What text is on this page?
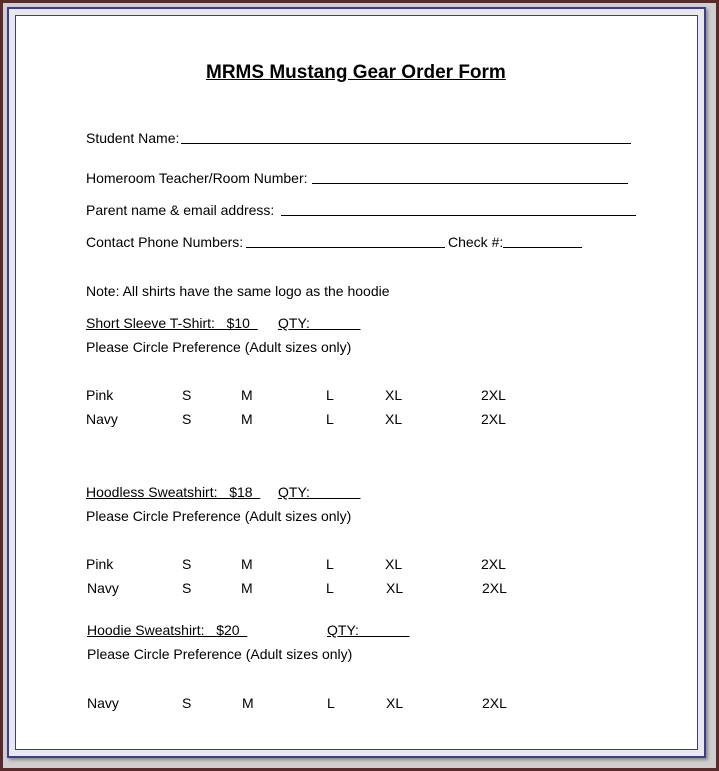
MRMS Mustang Gear Order Form
Student Name:
Homeroom Teacher/Room Number:
Parent name & email address:
Contact Phone Numbers:	Check #:
Note: All shirts have the same logo as the hoodie
Short Sleeve T-Shirt: $10	QTY:
Please Circle Preference (Adult sizes only)
Pink	S	M	L	XL	2XL
Navy	S	M	L	XL	2XL
Hoodless Sweatshirt: $18	QTY:
Please Circle Preference (Adult sizes only)
Pink	S	M	L	XL	2XL
Navy	S	M	L	XL	2XL
Hoodie Sweatshirt: $20	QTY:
Please Circle Preference (Adult sizes only)
Navy	S	M	L	XL	2XL
